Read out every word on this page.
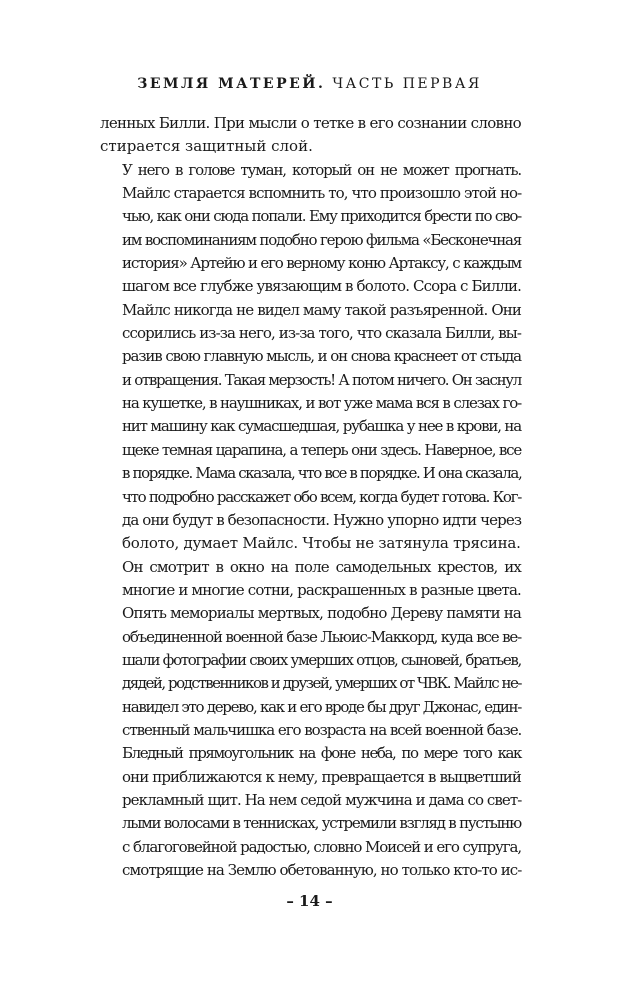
ЗЕМЛЯ МАТЕРЕЙ. ЧАСТЬ ПЕРВАЯ

ленных Билли. При мысли о тетке в его сознании словно
стирается защитный слой.

У него в голове туман, который он не может прогнать.
Майлс старается вспомнить то, что произошло этой но-
чью, как они сюда попали. Ему приходится брести по сво-
им воспоминаниям подобно герою фильма «Бесконечная
история» Артейю и его верному коню Артаксу, с каждым
шагом все глубже увязающим в болото. Ссора с Билли.
Майлс никогда не видел маму такой разъяренной. Они
ссорились из-за него, из-за того, что сказала Билли, вы-
разив свою главную мысль, и он снова краснеет от стыда
и отвращения. Такая мерзость! А потом ничего. Он заснул
на кушетке, в наушниках, и вот уже мама вся в слезах го-
нит машину как сумасшедшая, рубашка у нее в крови, на
щеке темная царапина, а теперь они здесь. Наверное, все
в порядке. Мама сказала, что все в порядке. И она сказала,
что подробно расскажет обо всем, когда будет готова. Ког-
да они будут в безопасности. Нужно упорно идти через
болото, думает Майлс. Чтобы не затянула трясина.

Он смотрит в окно на поле самодельных крестов, их
многие и многие сотни, раскрашенных в разные цвета.
Опять мемориалы мертвых, подобно Дереву памяти на
объединенной военной базе Льюис-Маккорд, куда все ве-
шали фотографии своих умерших отцов, сыновей, братьев,
дядей, родственников и друзей, умерших от ЧВК. Майлс не-
навидел это дерево, как и его вроде бы друг Джонас, един-
ственный мальчишка его возраста на всей военной базе.

Бледный прямоугольник на фоне неба, по мере того как
они приближаются к нему, превращается в выцветший
рекламный щит. На нем седой мужчина и дама со свет-
лыми волосами в теннисках, устремили взгляд в пустыню
с благоговейной радостью, словно Моисей и его супруга,
смотрящие на Землю обетованную, но только кто-то ис-

– 14 –
